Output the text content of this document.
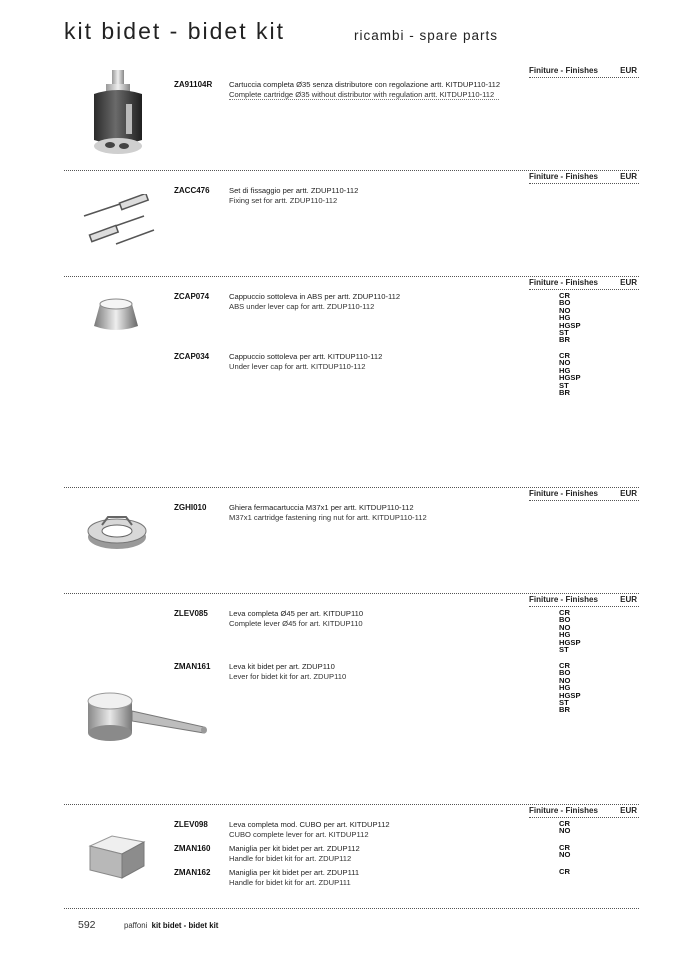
kit bidet - bidet kit	ricambi - spare parts
Finiture - Finishes	EUR

ZA91104R Cartuccia completa Ø35 senza distributore con regolazione artt. KITDUP110-112
Complete cartridge Ø35 without distributor with regulation artt. KITDUP110-112
Finiture - Finishes	EUR

ZACC476	Set di fissaggio per artt. ZDUP110-112
Fixing set for artt. ZDUP110-112
Finiture - Finishes	EUR

ZCAP074	Cappuccio sottoleva in ABS per artt. ZDUP110-112
ABS under lever cap for artt. ZDUP110-112
CR
BO
NO
HG
HGSP
ST
BR
ZCAP034	Cappuccio sottoleva per artt. KITDUP110-112
Under lever cap for artt. KITDUP110-112
CR
NO
HG
HGSP
ST
BR
Finiture - Finishes	EUR

ZGHI010	Ghiera fermacartuccia M37x1 per artt. KITDUP110-112
M37x1 cartridge fastening ring nut for artt. KITDUP110-112
Finiture - Finishes	EUR

ZLEV085	Leva completa Ø45 per art. KITDUP110
Complete lever Ø45 for art. KITDUP110
CR
BO
NO
HG
HGSP
ST
ZMAN161 Leva kit bidet per art. ZDUP110
Lever for bidet kit for art. ZDUP110
CR
BO
NO
HG
HGSP
ST
BR
Finiture - Finishes	EUR

ZLEV098	Leva completa mod. CUBO per art. KITDUP112
CUBO complete lever for art. KITDUP112
CR
NO
ZMAN160 Maniglia per kit bidet per art. ZDUP112
Handle for bidet kit for art. ZDUP112
CR
NO
ZMAN162 Maniglia per kit bidet per art. ZDUP111
Handle for bidet kit for art. ZDUP111
CR
592	paffoni kit bidet - bidet kit
